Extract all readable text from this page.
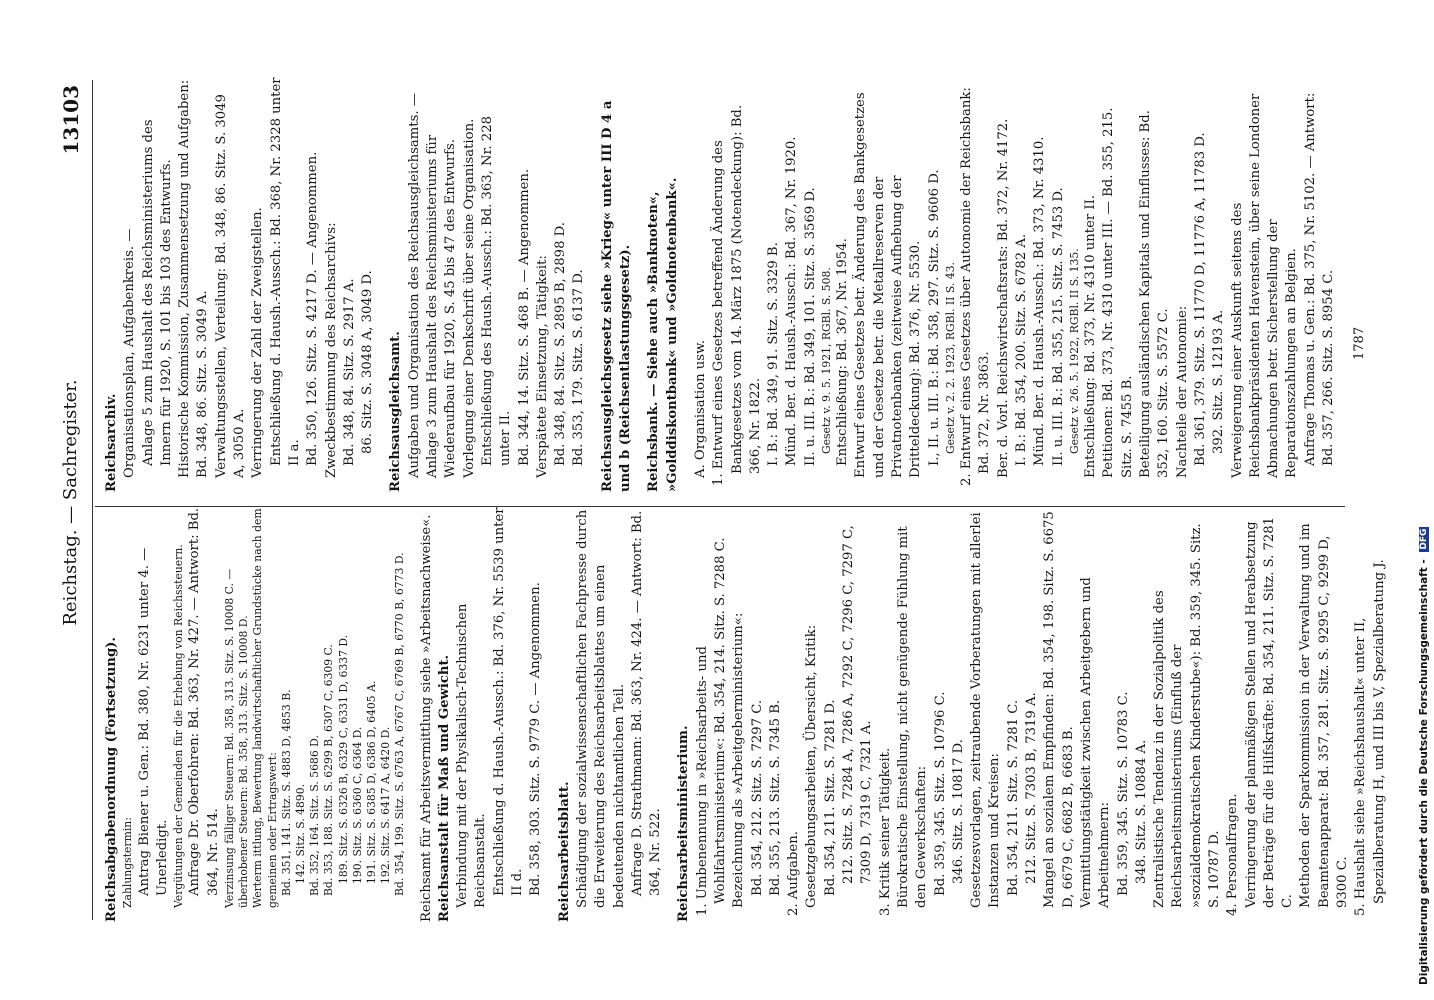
Reichstag. — Sachregister.
13103

Reichsabgabenordnung (Fortsetzung). Zahlungstermin: Antrag Biener u. Gen.: Bd. 380, Nr. 6231 unter 4. — Unerledigt. Vergütungen der Gemeinden für die Erhebung von Reichssteuern. Anfrage Dr. Oberfohren: Bd. 363, Nr. 427. — Antwort: Bd. 364, Nr. 514. Verzinsung fälliger Steuern: Bd. 358, 313. Sitz. S. 10008 C. — überhobener Steuern: Bd. 358, 313. Sitz. S. 10008 D. Werterm ittlung, Bewertung landwirtschaftlicher Grundstücke nach dem gemeinen oder Ertragswert: Bd. 351, 141. Sitz. S. 4883 D, 4853 B. 142. Sitz. S. 4890. Bd. 352, 164. Sitz. S. 5686 D. Bd. 353, 188. Sitz. S. 6299 B, 6307 C, 6309 C. 189. Sitz. S. 6326 B, 6329 C, 6331 D, 6337 D. 190. Sitz. S. 6360 C, 6364 D. 191. Sitz. S. 6385 D, 6386 D, 6405 A. 192. Sitz. S. 6417 A, 6420 D. Bd. 354, 199. Sitz. S. 6763 A, 6767 C, 6769 B, 6770 B, 6773 D. Reichsamt für Arbeitsvermittlung siehe »Arbeitsnachweise«. Reichsanstalt für Maß und Gewicht. Verbindung mit der Physikalisch-Technischen Reichsanstalt. Entschließung d. Haush.-Aussch.: Bd. 376, Nr. 5539 unter II d. Bd. 358, 303. Sitz. S. 9779 C. — Angenommen. Reichsarbeitsblatt. Schädigung der sozialwissenschaftlichen Fachpresse durch die Erweiterung des Reichsarbeitsblattes um einen bedeutenden nichtamtlichen Teil. Anfrage D. Strathmann: Bd. 363, Nr. 424. — Antwort: Bd. 364, Nr. 522. Reichsarbeitsministerium. 1. Umbenennung in »Reichsarbeits- und Wohlfahrtsministerium«: Bd. 354, 214. Sitz. S. 7288 C. Bezeichnung als »Arbeitgeberministerium«: Bd. 354, 212. Sitz. S. 7297 C. Bd. 355, 213. Sitz. S. 7345 B. 2. Aufgaben. Gesetzgebungsarbeiten, Übersicht, Kritik: Bd. 354, 211. Sitz. S. 7281 D. 212. Sitz. S. 7284 A, 7286 A, 7292 C, 7296 C, 7297 C, 7309 D, 7319 C, 7321 A. 3. Kritik seiner Tätigkeit. Bürokratische Einstellung, nicht genügende Fühlung mit den Gewerkschaften: Bd. 359, 345. Sitz. S. 10796 C. 346. Sitz. S. 10817 D. Gesetzesvorlagen, zeitraubende Vorberatungen mit allerlei Instanzen und Kreisen: Bd. 354, 211. Sitz. S. 7281 C. 212. Sitz. S. 7303 B, 7319 A. Mangel an sozialem Empfinden: Bd. 354, 198. Sitz. S. 6675 D, 6679 C, 6682 B, 6683 B. Vermittlungstätigkeit zwischen Arbeitgebern und Arbeitnehmern: Bd. 359, 345. Sitz. S. 10783 C. 348. Sitz. S. 10884 A. Zentralistische Tendenz in der Sozialpolitik des Reichsarbeitsministeriums (Einfluß der »sozialdemokratischen Kinderstube«): Bd. 359, 345. Sitz. S. 10787 D. 4. Personalfragen. Verringerung der planmäßigen Stellen und Herabsetzung der Beträge für die Hilfskräfte: Bd. 354, 211. Sitz. S. 7281 C. Methoden der Sparkommission in der Verwaltung und im Beamtenapparat: Bd. 357, 281. Sitz. S. 9295 C, 9299 D, 9300 C. 5. Haushalt siehe »Reichshaushalt« unter II, Spezialberatung H, und III bis V, Spezialberatung J.

Reichsarchiv. Organisationsplan, Aufgabenkreis. — Anlage 5 zum Haushalt des Reichsministeriums des Innern für 1920, S. 101 bis 103 des Entwurfs. Historische Kommission, Zusammensetzung und Aufgaben: Bd. 348, 86. Sitz. S. 3049 A. Verwaltungsstellen, Verteilung: Bd. 348, 86. Sitz. S. 3049 A, 3050 A. Verringerung der Zahl der Zweigstellen. Entschließung d. Haush.-Aussch.: Bd. 368, Nr. 2328 unter II a. Bd. 350, 126. Sitz. S. 4217 D. — Angenommen. Zweckbestimmung des Reichsarchivs: Bd. 348, 84. Sitz. S. 2917 A. 86. Sitz. S. 3048 A, 3049 D. Reichsausgleichsamt. Aufgaben und Organisation des Reichsausgleichsamts. — Anlage 3 zum Haushalt des Reichsministeriums für Wiederaufbau für 1920, S. 45 bis 47 des Entwurfs. Vorlegung einer Denkschrift über seine Organisation. Entschließung des Haush.-Aussch.: Bd. 363, Nr. 228 unter II. Bd. 344, 14. Sitz. S. 468 B. — Angenommen. Verspätete Einsetzung, Tätigkeit: Bd. 348, 84. Sitz. S. 2895 B, 2898 D. Bd. 353, 179. Sitz. S. 6137 D. Reichsausgleichsgesetz siehe »Krieg« unter III D 4 a und b (Reichsentlastungsgesetz). Reichsbank. — Siehe auch »Banknoten«, »Golddiskontbank« und »Goldnotenbank«. A. Organisation usw. 1. Entwurf eines Gesetzes betreffend Änderung des Bankgesetzes vom 14. März 1875 (Notendeckung): Bd. 366, Nr. 1822. I. B.: Bd. 349, 91. Sitz. S. 3329 B. Münd. Ber. d. Haush.-Aussch.: Bd. 367, Nr. 1920. II. u. III. B.: Bd. 349, 101. Sitz. S. 3569 D. Gesetz v. 9. 5. 1921, RGBl. S. 508. Entschließung: Bd. 367, Nr. 1954. Entwurf eines Gesetzes betr. Änderung des Bankgesetzes und der Gesetze betr. die Metallreserven der Privatnotenbanken (zeitweise Aufhebung der Dritteldeckung): Bd. 376, Nr. 5530. I., II. u. III. B.: Bd. 358, 297. Sitz. S. 9606 D. Gesetz v. 2. 2. 1923, RGBl. II S. 43. 2. Entwurf eines Gesetzes über Autonomie der Reichsbank: Bd. 372, Nr. 3863. Ber. d. Vorl. Reichswirtschaftsrats: Bd. 372, Nr. 4172. I. B.: Bd. 354, 200. Sitz. S. 6782 A. Münd. Ber. d. Haush.-Aussch.: Bd. 373, Nr. 4310. II. u. III. B.: Bd. 355, 215. Sitz. S. 7453 D. Gesetz v. 26. 5. 1922, RGBl. II S. 135. Entschließung: Bd. 373, Nr. 4310 unter II. Petitionen: Bd. 373, Nr. 4310 unter III. — Bd. 355, 215. Sitz. S. 7455 B. Beteiligung ausländischen Kapitals und Einflusses: Bd. 352, 160. Sitz. S. 5572 C. Nachteile der Autonomie: Bd. 361, 379. Sitz. S. 11770 D, 11776 A, 11783 D. 392. Sitz. S. 12193 A. Verweigerung einer Auskunft seitens des Reichsbankpräsidenten Havenstein, über seine Londoner Abmachungen betr. Sicherstellung der Reparationszahlungen an Belgien. Anfrage Thomas u. Gen.: Bd. 375, Nr. 5102. — Antwort: Bd. 357, 266. Sitz. S. 8954 C. 1787
Digitalisierung gefördert durch die Deutsche Forschungsgemeinschaft - DFG
